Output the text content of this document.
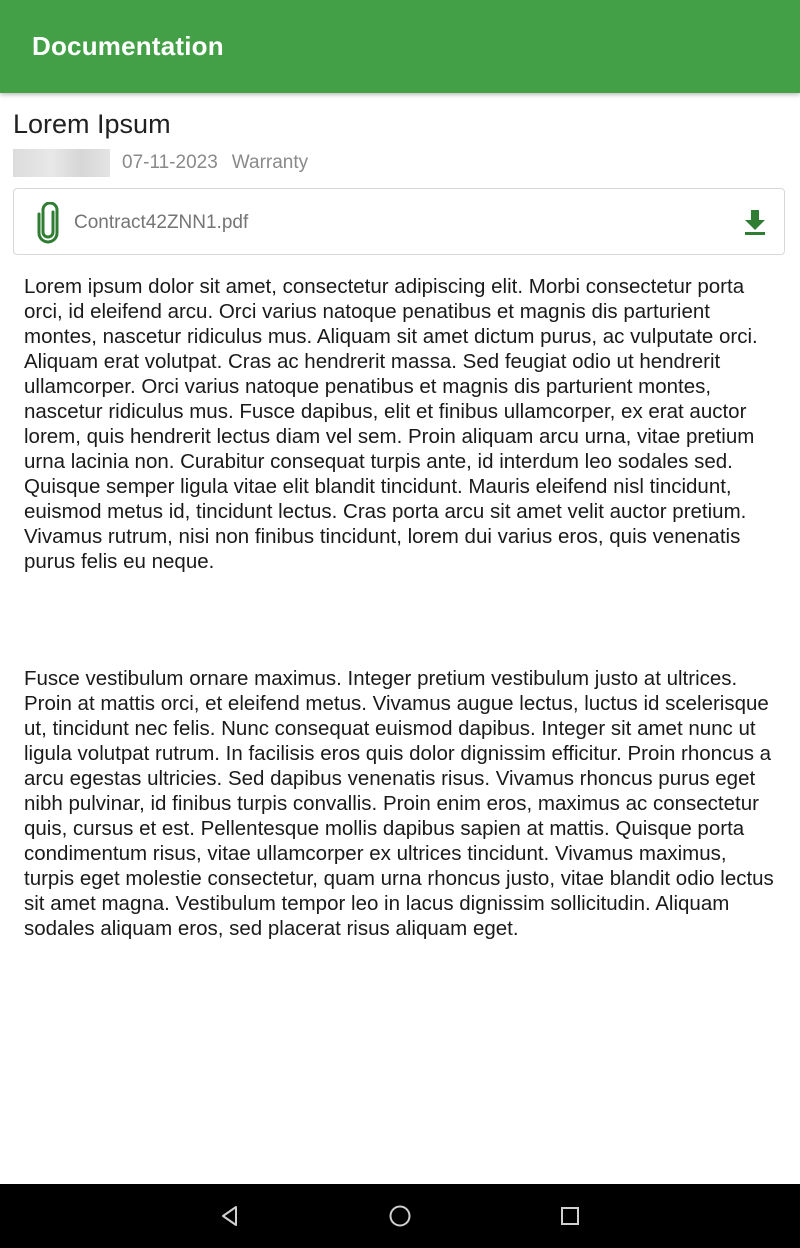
Documentation
Lorem Ipsum
07-11-2023 Warranty
Contract42ZNN1.pdf

Lorem ipsum dolor sit amet, consectetur adipiscing elit. Morbi consectetur porta orci, id eleifend arcu. Orci varius natoque penatibus et magnis dis parturient montes, nascetur ridiculus mus. Aliquam sit amet dictum purus, ac vulputate orci. Aliquam erat volutpat. Cras ac hendrerit massa. Sed feugiat odio ut hendrerit ullamcorper. Orci varius natoque penatibus et magnis dis parturient montes, nascetur ridiculus mus. Fusce dapibus, elit et finibus ullamcorper, ex erat auctor lorem, quis hendrerit lectus diam vel sem. Proin aliquam arcu urna, vitae pretium urna lacinia non. Curabitur consequat turpis ante, id interdum leo sodales sed. Quisque semper ligula vitae elit blandit tincidunt. Mauris eleifend nisl tincidunt, euismod metus id, tincidunt lectus. Cras porta arcu sit amet velit auctor pretium. Vivamus rutrum, nisi non finibus tincidunt, lorem dui varius eros, quis venenatis purus felis eu neque.

Fusce vestibulum ornare maximus. Integer pretium vestibulum justo at ultrices. Proin at mattis orci, et eleifend metus. Vivamus augue lectus, luctus id scelerisque ut, tincidunt nec felis. Nunc consequat euismod dapibus. Integer sit amet nunc ut ligula volutpat rutrum. In facilisis eros quis dolor dignissim efficitur. Proin rhoncus a arcu egestas ultricies. Sed dapibus venenatis risus. Vivamus rhoncus purus eget nibh pulvinar, id finibus turpis convallis. Proin enim eros, maximus ac consectetur quis, cursus et est. Pellentesque mollis dapibus sapien at mattis. Quisque porta condimentum risus, vitae ullamcorper ex ultrices tincidunt. Vivamus maximus, turpis eget molestie consectetur, quam urna rhoncus justo, vitae blandit odio lectus sit amet magna. Vestibulum tempor leo in lacus dignissim sollicitudin. Aliquam sodales aliquam eros, sed placerat risus aliquam eget.
